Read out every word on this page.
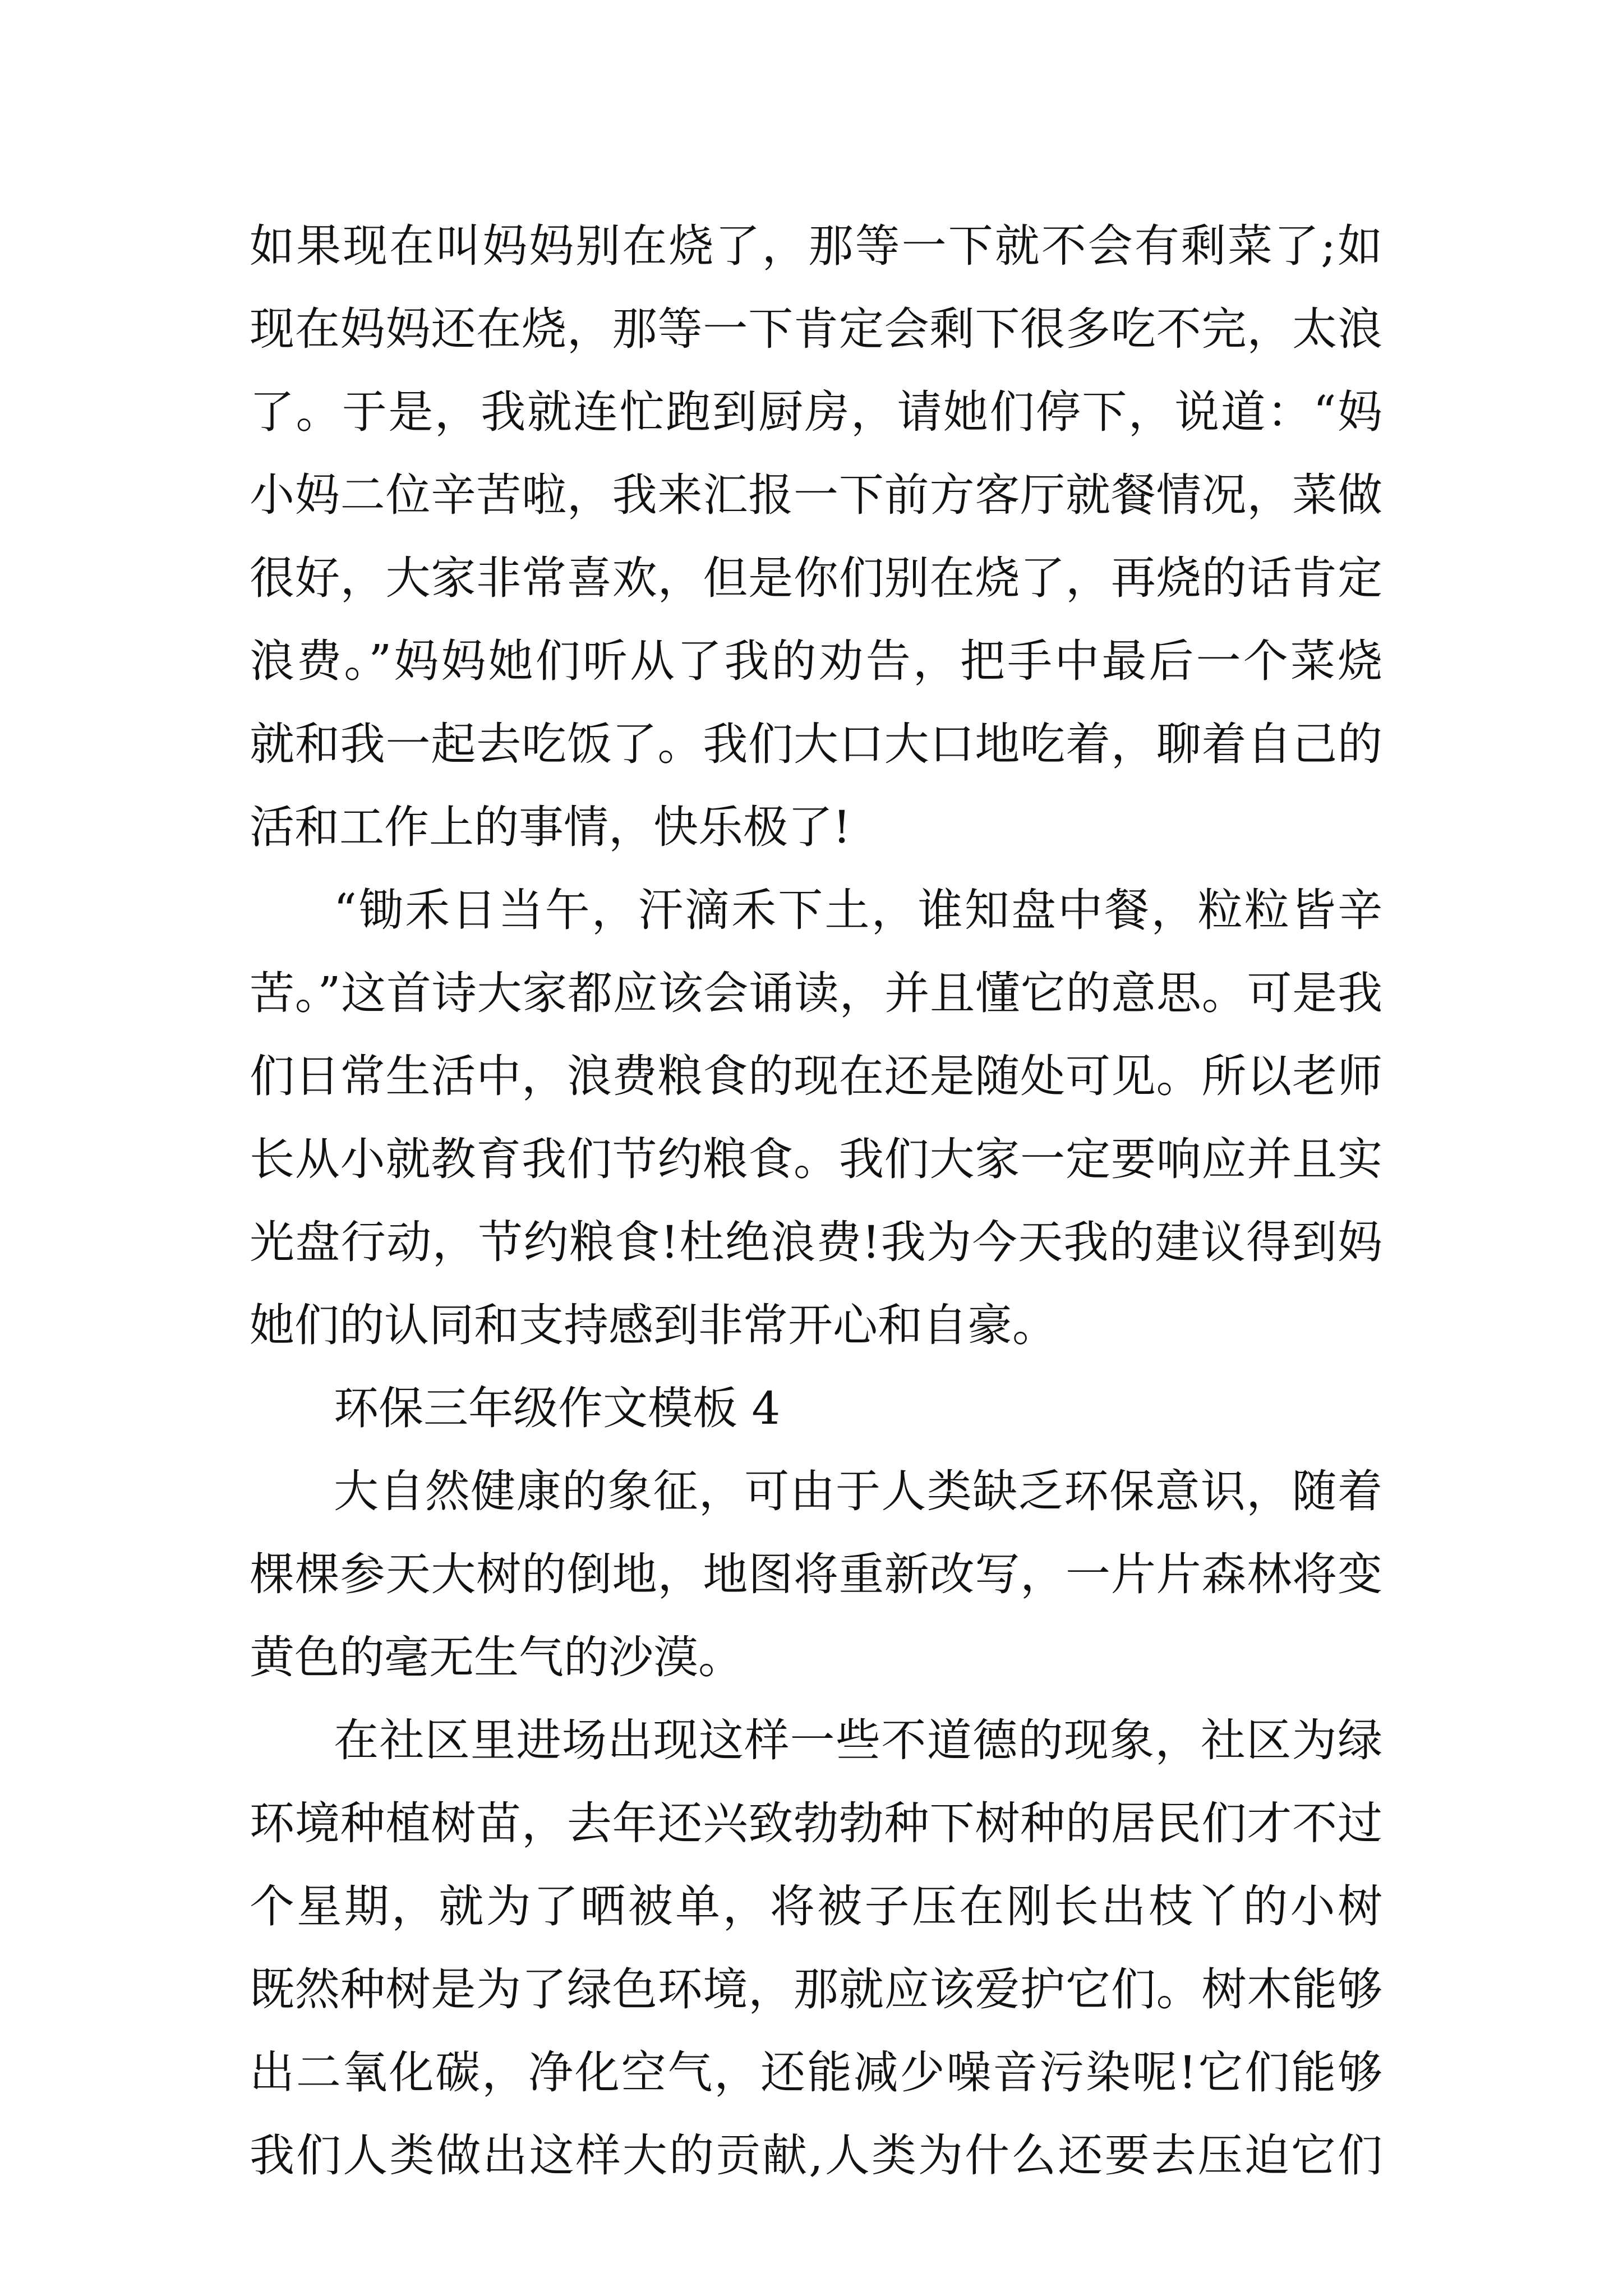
如果现在叫妈妈别在烧了，那等一下就不会有剩菜了;如
现在妈妈还在烧，那等一下肯定会剩下很多吃不完，太浪
了。于是，我就连忙跑到厨房，请她们停下，说道：“妈
小妈二位辛苦啦，我来汇报一下前方客厅就餐情况，菜做
很好，大家非常喜欢，但是你们别在烧了，再烧的话肯定
浪费。”妈妈她们听从了我的劝告，把手中最后一个菜烧
就和我一起去吃饭了。我们大口大口地吃着，聊着自己的
活和工作上的事情，快乐极了!
“锄禾日当午，汗滴禾下土，谁知盘中餐，粒粒皆辛
苦。”这首诗大家都应该会诵读，并且懂它的意思。可是我
们日常生活中，浪费粮食的现在还是随处可见。所以老师
长从小就教育我们节约粮食。我们大家一定要响应并且实
光盘行动，节约粮食!杜绝浪费!我为今天我的建议得到妈
她们的认同和支持感到非常开心和自豪。
环保三年级作文模板 4
大自然健康的象征，可由于人类缺乏环保意识，随着
棵棵参天大树的倒地，地图将重新改写，一片片森林将变
黄色的毫无生气的沙漠。
在社区里进场出现这样一些不道德的现象，社区为绿
环境种植树苗，去年还兴致勃勃种下树种的居民们才不过
个星期，就为了晒被单，将被子压在刚长出枝丫的小树
既然种树是为了绿色环境，那就应该爱护它们。树木能够
出二氧化碳，净化空气，还能减少噪音污染呢!它们能够
我们人类做出这样大的贡献,人类为什么还要去压迫它们
